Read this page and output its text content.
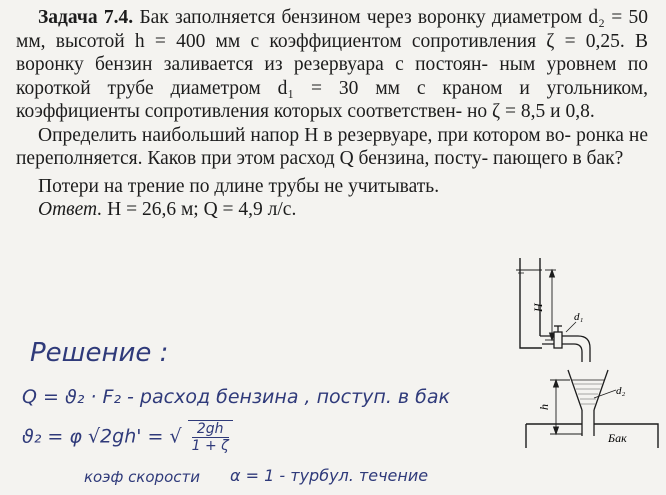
Задача 7.4. Бак заполняется бензином через воронку диаметром d₂ = 50 мм, высотой h = 400 мм с коэффициентом сопротивления ζ = 0,25. В воронку бензин заливается из резервуара с постоян- ным уровнем по короткой трубе диаметром d₁ = 30 мм с краном и угольником, коэффициенты сопротивления которых соответствен- но ζ = 8,5 и 0,8.

Определить наибольший напор H в резервуаре, при котором во- ронка не переполняется. Каков при этом расход Q бензина, посту- пающего в бак?

Потери на трение по длине трубы не учитывать.

Ответ. H = 26,6 м; Q = 4,9 л/с.

H
d₁
h
d₂
Бак
Решение :
Q = ϑ₂ · F₂ - расход бензина , поступ. в бак
ϑ₂ = φ √2gh' = √ $\frac{2gh}{1 + \zeta}$
коэф скорости α = 1 - турбул. течение
